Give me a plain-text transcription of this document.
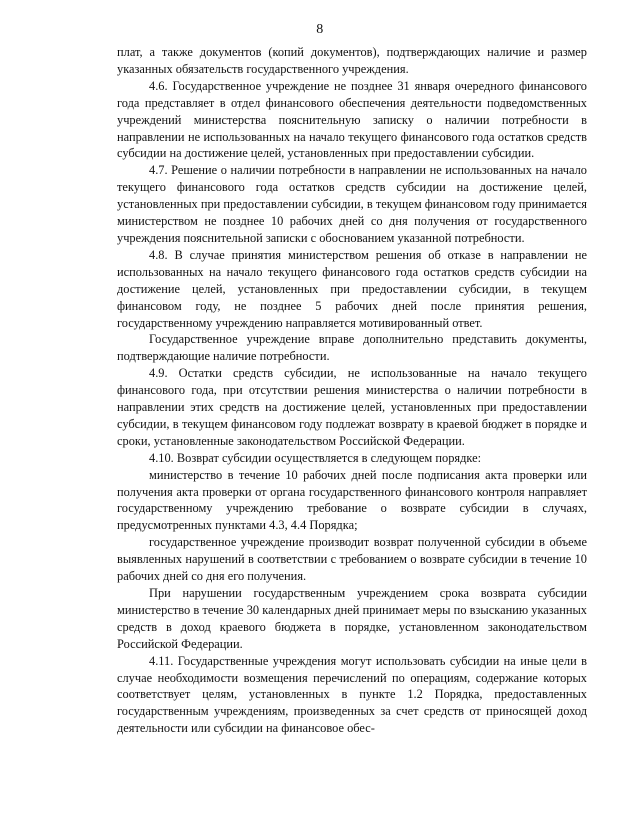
8

плат, а также документов (копий документов), подтверждающих наличие и размер указанных обязательств государственного учреждения.

4.6. Государственное учреждение не позднее 31 января очередного финансового года представляет в отдел финансового обеспечения деятельности подведомственных учреждений министерства пояснительную записку о наличии потребности в направлении не использованных на начало текущего финансового года остатков средств субсидии на достижение целей, установленных при предоставлении субсидии.

4.7. Решение о наличии потребности в направлении не использованных на начало текущего финансового года остатков средств субсидии на достижение целей, установленных при предоставлении субсидии, в текущем финансовом году принимается министерством не позднее 10 рабочих дней со дня получения от государственного учреждения пояснительной записки с обоснованием указанной потребности.

4.8. В случае принятия министерством решения об отказе в направлении не использованных на начало текущего финансового года остатков средств субсидии на достижение целей, установленных при предоставлении субсидии, в текущем финансовом году, не позднее 5 рабочих дней после принятия решения, государственному учреждению направляется мотивированный ответ.

Государственное учреждение вправе дополнительно представить документы, подтверждающие наличие потребности.

4.9. Остатки средств субсидии, не использованные на начало текущего финансового года, при отсутствии решения министерства о наличии потребности в направлении этих средств на достижение целей, установленных при предоставлении субсидии, в текущем финансовом году подлежат возврату в краевой бюджет в порядке и сроки, установленные законодательством Российской Федерации.

4.10. Возврат субсидии осуществляется в следующем порядке:

министерство в течение 10 рабочих дней после подписания акта проверки или получения акта проверки от органа государственного финансового контроля направляет государственному учреждению требование о возврате субсидии в случаях, предусмотренных пунктами 4.3, 4.4 Порядка;

государственное учреждение производит возврат полученной субсидии в объеме выявленных нарушений в соответствии с требованием о возврате субсидии в течение 10 рабочих дней со дня его получения.

При нарушении государственным учреждением срока возврата субсидии министерство в течение 30 календарных дней принимает меры по взысканию указанных средств в доход краевого бюджета в порядке, установленном законодательством Российской Федерации.

4.11. Государственные учреждения могут использовать субсидии на иные цели в случае необходимости возмещения перечислений по операциям, содержание которых соответствует целям, установленных в пункте 1.2 Порядка, предоставленных государственным учреждениям, произведенных за счет средств от приносящей доход деятельности или субсидии на финансовое обес-
